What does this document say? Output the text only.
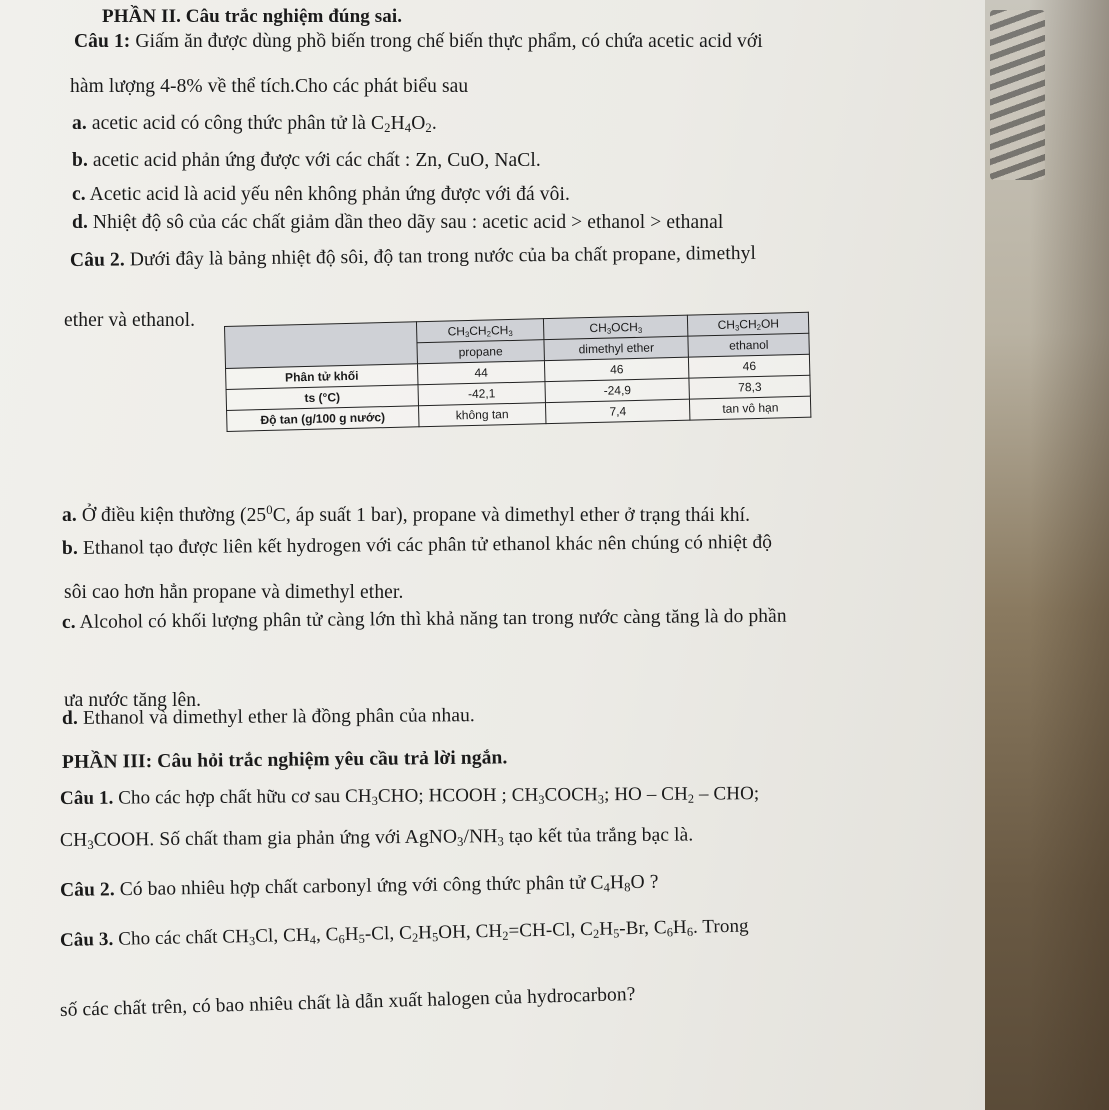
PHẦN II. Câu trắc nghiệm đúng sai.
Câu 1: Giấm ăn được dùng phồ biến trong chế biến thực phẩm, có chứa acetic acid với
hàm lượng 4-8% về thể tích.Cho các phát biểu sau
a. acetic acid có công thức phân tử là $C_2H_4O_2$.
b. acetic acid phản ứng được với các chất : Zn, CuO, NaCl.
c. Acetic acid là acid yếu nên không phản ứng được với đá vôi.
d. Nhiệt độ sô của các chất giảm dần theo dãy sau : acetic acid > ethanol > ethanal
Câu 2. Dưới đây là bảng nhiệt độ sôi, độ tan trong nước của ba chất propane, dimethyl
ether và ethanol.
	$CH_3CH_2CH_3$	$CH_3OCH_3$	$CH_3CH_2OH$
	propane	dimethyl ether	ethanol
Phân tử khối	44	46	46
ts (°C)	-42,1	-24,9	78,3
Độ tan (g/100 g nước)	không tan	7,4	tan vô hạn
a. Ở điều kiện thường ($25^0C$, áp suất 1 bar), propane và dimethyl ether ở trạng thái khí.
b. Ethanol tạo được liên kết hydrogen với các phân tử ethanol khác nên chúng có nhiệt độ
sôi cao hơn hẳn propane và dimethyl ether.
c. Alcohol có khối lượng phân tử càng lớn thì khả năng tan trong nước càng tăng là do phần
ưa nước tăng lên.
d. Ethanol và dimethyl ether là đồng phân của nhau.
PHẦN III: Câu hỏi trắc nghiệm yêu cầu trả lời ngắn.
Câu 1. Cho các hợp chất hữu cơ sau $CH_3CHO$; HCOOH ; $CH_3COCH_3$; HO – $CH_2$ – CHO;
$CH_3COOH$. Số chất tham gia phản ứng với $AgNO_3/NH_3$ tạo kết tủa trắng bạc là.
Câu 2. Có bao nhiêu hợp chất carbonyl ứng với công thức phân tử $C_4H_8O$ ?
Câu 3. Cho các chất $CH_3Cl$, $CH_4$, $C_6H_5-Cl$, $C_2H_5OH$, $CH_2=CH-Cl$, $C_2H_5-Br$, $C_6H_6$. Trong
số các chất trên, có bao nhiêu chất là dẫn xuất halogen của hydrocarbon?
